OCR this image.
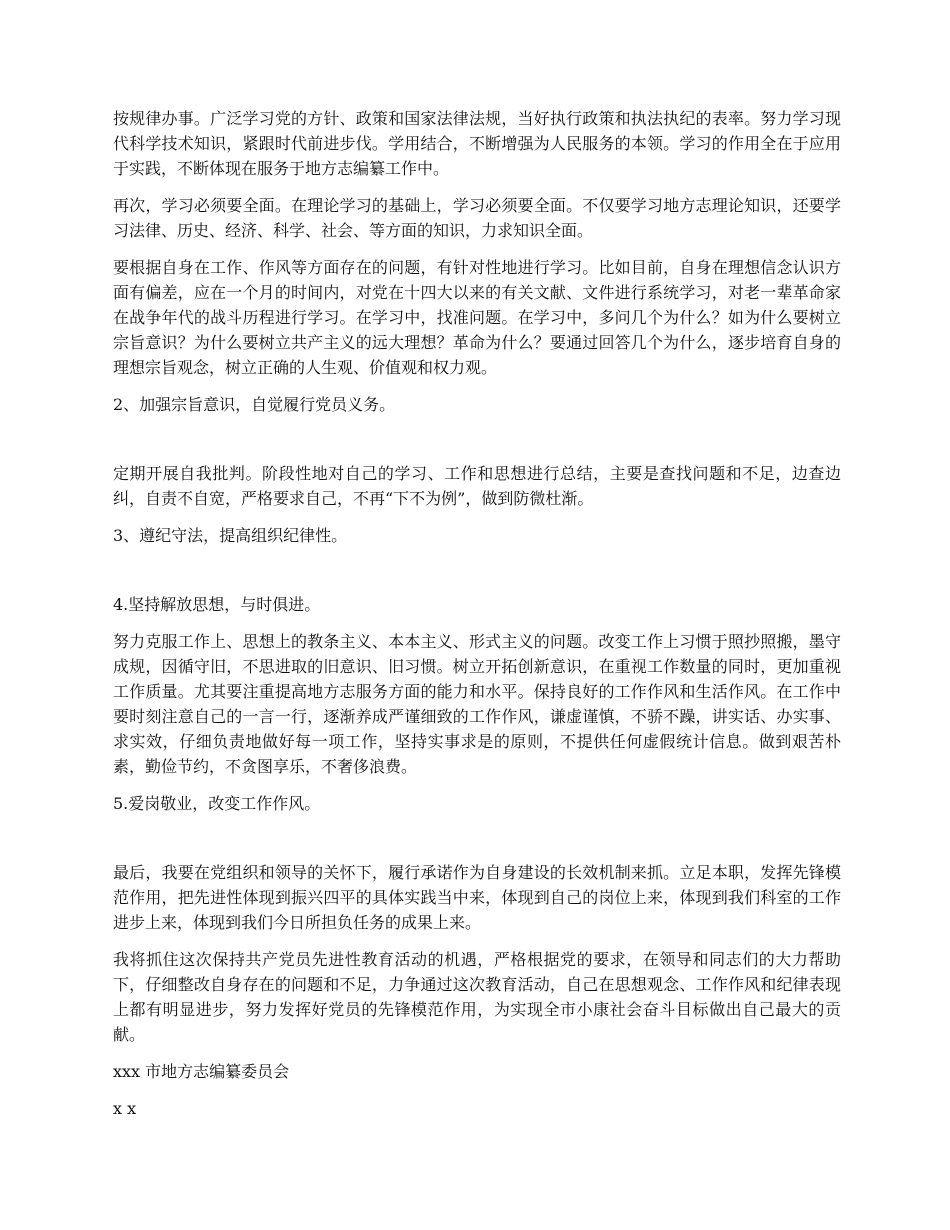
按规律办事。广泛学习党的方针、政策和国家法律法规，当好执行政策和执法执纪的表率。努力学习现代科学技术知识，紧跟时代前进步伐。学用结合，不断增强为人民服务的本领。学习的作用全在于应用于实践，不断体现在服务于地方志编纂工作中。

再次，学习必须要全面。在理论学习的基础上，学习必须要全面。不仅要学习地方志理论知识，还要学习法律、历史、经济、科学、社会、等方面的知识，力求知识全面。

要根据自身在工作、作风等方面存在的问题，有针对性地进行学习。比如目前，自身在理想信念认识方面有偏差，应在一个月的时间内，对党在十四大以来的有关文献、文件进行系统学习，对老一辈革命家在战争年代的战斗历程进行学习。在学习中，找准问题。在学习中，多问几个为什么？如为什么要树立宗旨意识？为什么要树立共产主义的远大理想？革命为什么？要通过回答几个为什么，逐步培育自身的理想宗旨观念，树立正确的人生观、价值观和权力观。

2、加强宗旨意识，自觉履行党员义务。

定期开展自我批判。阶段性地对自己的学习、工作和思想进行总结，主要是查找问题和不足，边查边纠，自责不自宽，严格要求自己，不再“下不为例”，做到防微杜渐。

3、遵纪守法，提高组织纪律性。

4.坚持解放思想，与时俱进。

努力克服工作上、思想上的教条主义、本本主义、形式主义的问题。改变工作上习惯于照抄照搬，墨守成规，因循守旧，不思进取的旧意识、旧习惯。树立开拓创新意识，在重视工作数量的同时，更加重视工作质量。尤其要注重提高地方志服务方面的能力和水平。保持良好的工作作风和生活作风。在工作中要时刻注意自己的一言一行，逐渐养成严谨细致的工作作风，谦虚谨慎，不骄不躁，讲实话、办实事、求实效，仔细负责地做好每一项工作，坚持实事求是的原则，不提供任何虚假统计信息。做到艰苦朴素，勤俭节约，不贪图享乐，不奢侈浪费。

5.爱岗敬业，改变工作作风。

最后，我要在党组织和领导的关怀下，履行承诺作为自身建设的长效机制来抓。立足本职，发挥先锋模范作用，把先进性体现到振兴四平的具体实践当中来，体现到自己的岗位上来，体现到我们科室的工作进步上来，体现到我们今日所担负任务的成果上来。

我将抓住这次保持共产党员先进性教育活动的机遇，严格根据党的要求，在领导和同志们的大力帮助下，仔细整改自身存在的问题和不足，力争通过这次教育活动，自己在思想观念、工作作风和纪律表现上都有明显进步，努力发挥好党员的先锋模范作用，为实现全市小康社会奋斗目标做出自己最大的贡献。

xxx 市地方志编纂委员会

x x
